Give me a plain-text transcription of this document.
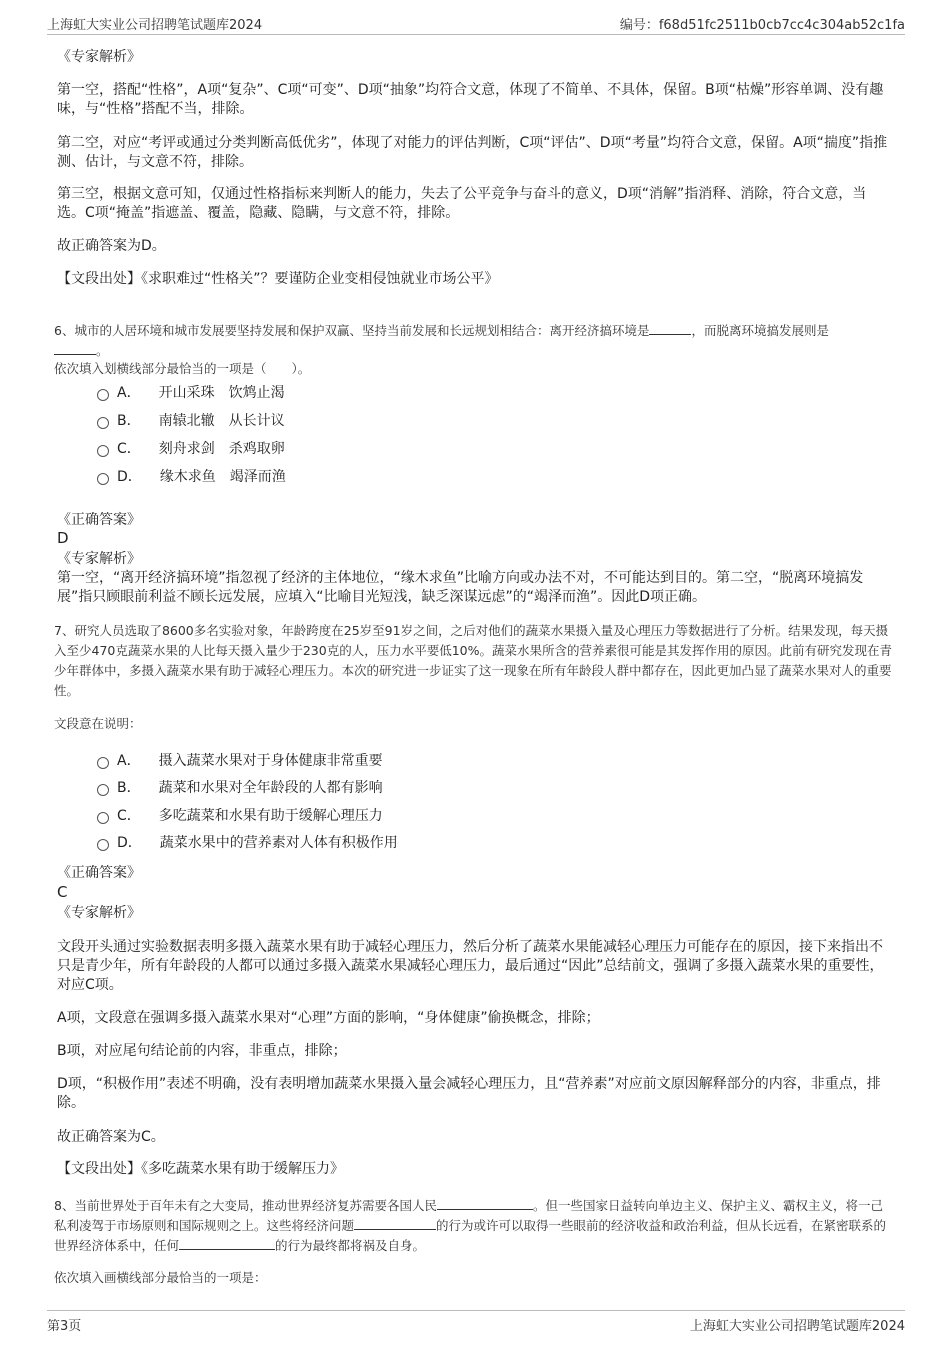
上海虹大实业公司招聘笔试题库2024	编号：f68d51fc2511b0cb7cc4c304ab52c1fa
《专家解析》
第一空，搭配“性格”，A项“复杂”、C项“可变”、D项“抽象”均符合文意，体现了不简单、不具体，保留。B项“枯燥”形容单调、没有趣味，与“性格”搭配不当，排除。
第二空，对应“考评或通过分类判断高低优劣”，体现了对能力的评估判断，C项“评估”、D项“考量”均符合文意，保留。A项“揣度”指推测、估计，与文意不符，排除。
第三空，根据文意可知，仅通过性格指标来判断人的能力，失去了公平竞争与奋斗的意义，D项“消解”指消释、消除，符合文意，当选。C项“掩盖”指遮盖、覆盖，隐藏、隐瞒，与文意不符，排除。
故正确答案为D。
【文段出处】《求职难过“性格关”？要谨防企业变相侵蚀就业市场公平》
6、城市的人居环境和城市发展要坚持发展和保护双赢、坚持当前发展和长远规划相结合：离开经济搞环境是	，而脱离环境搞发展则是
。
依次填入划横线部分最恰当的一项是（　　）。
A． 开山采珠　饮鸩止渴
B． 南辕北辙　从长计议
C． 刻舟求剑　杀鸡取卵
D． 缘木求鱼　竭泽而渔
《正确答案》
D
《专家解析》
第一空，“离开经济搞环境”指忽视了经济的主体地位，“缘木求鱼”比喻方向或办法不对，不可能达到目的。第二空，“脱离环境搞发展”指只顾眼前利益不顾长远发展，应填入“比喻目光短浅，缺乏深谋远虑”的“竭泽而渔”。因此D项正确。
7、研究人员选取了8600多名实验对象，年龄跨度在25岁至91岁之间，之后对他们的蔬菜水果摄入量及心理压力等数据进行了分析。结果发现，每天摄入至少470克蔬菜水果的人比每天摄入量少于230克的人，压力水平要低10%。蔬菜水果所含的营养素很可能是其发挥作用的原因。此前有研究发现在青少年群体中，多摄入蔬菜水果有助于减轻心理压力。本次的研究进一步证实了这一现象在所有年龄段人群中都存在，因此更加凸显了蔬菜水果对人的重要性。
文段意在说明：
A． 摄入蔬菜水果对于身体健康非常重要
B． 蔬菜和水果对全年龄段的人都有影响
C． 多吃蔬菜和水果有助于缓解心理压力
D． 蔬菜水果中的营养素对人体有积极作用
《正确答案》
C
《专家解析》
文段开头通过实验数据表明多摄入蔬菜水果有助于减轻心理压力，然后分析了蔬菜水果能减轻心理压力可能存在的原因，接下来指出不只是青少年，所有年龄段的人都可以通过多摄入蔬菜水果减轻心理压力，最后通过“因此”总结前文，强调了多摄入蔬菜水果的重要性，对应C项。
A项，文段意在强调多摄入蔬菜水果对“心理”方面的影响，“身体健康”偷换概念，排除；
B项，对应尾句结论前的内容，非重点，排除；
D项，“积极作用”表述不明确，没有表明增加蔬菜水果摄入量会减轻心理压力，且“营养素”对应前文原因解释部分的内容，非重点，排除。
故正确答案为C。
【文段出处】《多吃蔬菜水果有助于缓解压力》
8、当前世界处于百年未有之大变局，推动世界经济复苏需要各国人民	。但一些国家日益转向单边主义、保护主义、霸权主义，将一己私利凌驾于市场原则和国际规则之上。这些将经济问题	的行为或许可以取得一些眼前的经济收益和政治利益，但从长远看，在紧密联系的世界经济体系中，任何	的行为最终都将祸及自身。
依次填入画横线部分最恰当的一项是：
第3页	上海虹大实业公司招聘笔试题库2024
